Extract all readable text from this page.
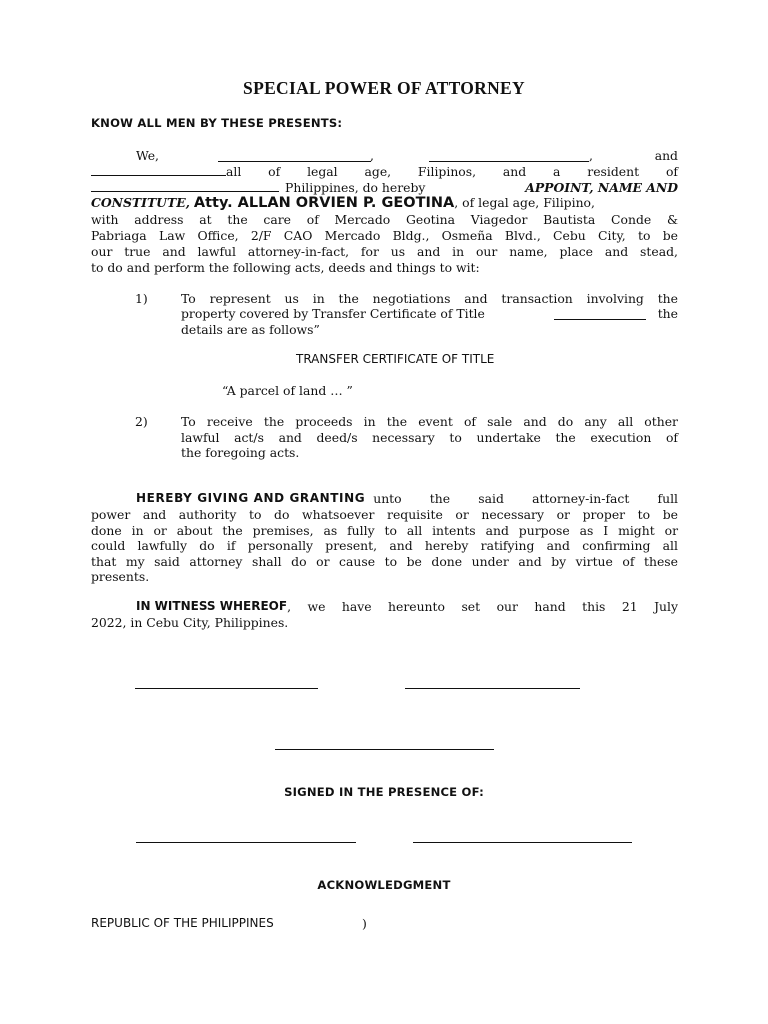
SPECIAL POWER OF ATTORNEY
KNOW ALL MEN BY THESE PRESENTS:
We,	,	,	and
all of legal age, Filipinos, and a resident of
Philippines, do hereby	APPOINT, NAME AND
CONSTITUTE, Atty. ALLAN ORVIEN P. GEOTINA, of legal age, Filipino,
with address at the care of Mercado Geotina Viagedor Bautista Conde &
Pabriaga Law Office, 2/F CAO Mercado Bldg., Osmeña Blvd., Cebu City, to be
our true and lawful attorney-in-fact, for us and in our name, place and stead,
to do and perform the following acts, deeds and things to wit:
1)	To represent us in the negotiations and transaction involving the
property covered by Transfer Certificate of Title	the
details are as follows”
TRANSFER CERTIFICATE OF TITLE
“A parcel of land … ”
2)	To receive the proceeds in the event of sale and do any all other
lawful act/s and deed/s necessary to undertake the execution of
the foregoing acts.
HEREBY GIVING AND GRANTING unto the said attorney-in-fact full
power and authority to do whatsoever requisite or necessary or proper to be
done in or about the premises, as fully to all intents and purpose as I might or
could lawfully do if personally present, and hereby ratifying and confirming all
that my said attorney shall do or cause to be done under and by virtue of these
presents.
IN WITNESS WHEREOF , we have hereunto set our hand this 21 July
2022, in Cebu City, Philippines.
SIGNED IN THE PRESENCE OF:
ACKNOWLEDGMENT
REPUBLIC OF THE PHILIPPINES	)
